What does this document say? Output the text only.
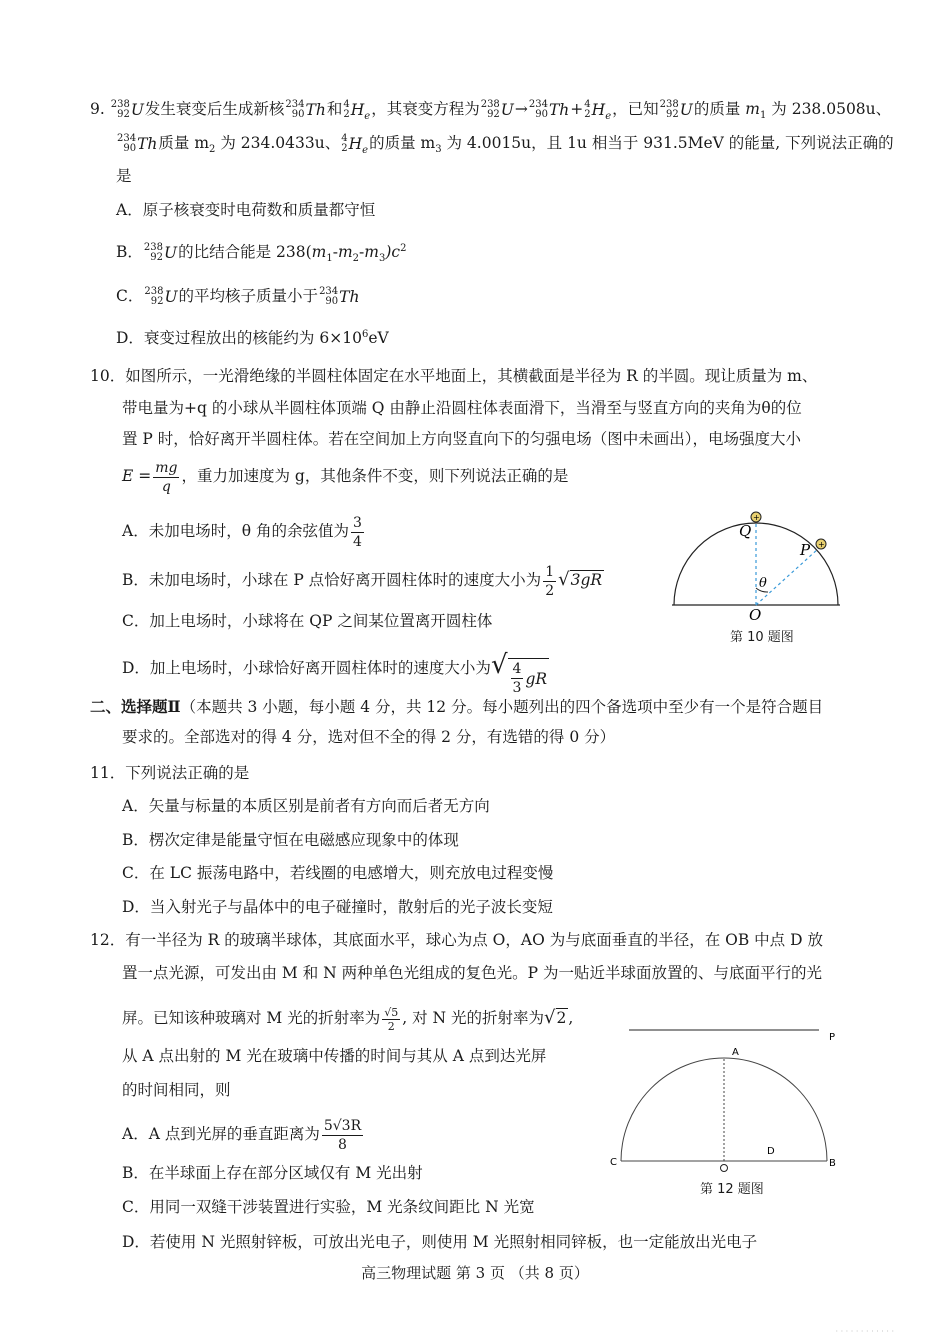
9. 238
92 U 发生衰变后生成新核 234
90 Th 和 4
2 $H_e$ ，其衰变方程为 238
92 U → 234
90 Th + 4
2 $H_e$ ，已知 238
92 U 的质量 $m_1$ 为 238.0508u、
234
90 Th 质量 $m_2$ 为 234.0433u、 4
2 $H_e$ 的质量 $m_3$ 为 4.0015u，且 1u 相当于 931.5MeV 的能量, 下列说法正确的
是
A．原子核衰变时电荷数和质量都守恒
B． 238
92 U 的比结合能是 $238(m_1-m_2-m_3)c^2$
C． 238
92 U 的平均核子质量小于 234
90 Th
D．衰变过程放出的核能约为 $6\times 10^6eV$
10．如图所示，一光滑绝缘的半圆柱体固定在水平地面上，其横截面是半径为 R 的半圆。现让质量为 m、
带电量为+q 的小球从半圆柱体顶端 Q 由静止沿圆柱体表面滑下，当滑至与竖直方向的夹角为θ的位
置 P 时，恰好离开半圆柱体。若在空间加上方向竖直向下的匀强电场（图中未画出），电场强度大小
$E = \frac{mg}{q}$ ，重力加速度为 g，其他条件不变，则下列说法正确的是
A．未加电场时，θ 角的余弦值为 $\frac{3}{4}$
B．未加电场时，小球在 P 点恰好离开圆柱体时的速度大小为 $\frac{1}{2} √3gR$
C．加上电场时，小球将在 QP 之间某位置离开圆柱体
D．加上电场时，小球恰好离开圆柱体时的速度大小为√ $\frac{4}{3}$ gR
+
+
Q
P
θ
O
第 10 题图
二、选择题Ⅱ（本题共 3 小题，每小题 4 分，共 12 分。每小题列出的四个备选项中至少有一个是符合题目
要求的。全部选对的得 4 分，选对但不全的得 2 分，有选错的得 0 分）
11．下列说法正确的是
A．矢量与标量的本质区别是前者有方向而后者无方向
B．楞次定律是能量守恒在电磁感应现象中的体现
C．在 LC 振荡电路中，若线圈的电感增大，则充放电过程变慢
D．当入射光子与晶体中的电子碰撞时，散射后的光子波长变短
12．有一半径为 R 的玻璃半球体，其底面水平，球心为点 O，AO 为与底面垂直的半径，在 OB 中点 D 放
置一点光源，可发出由 M 和 N 两种单色光组成的复色光。P 为一贴近半球面放置的、与底面平行的光
屏。已知该种玻璃对 M 光的折射率为 $\frac{√5}{2}$ , 对 N 光的折射率为√2 ,
从 A 点出射的 M 光在玻璃中传播的时间与其从 A 点到达光屏
的时间相同，则
A．A 点到光屏的垂直距离为 $\frac{5√3R}{8}$
B．在半球面上存在部分区域仅有 M 光出射
C．用同一双缝干涉装置进行实验，M 光条纹间距比 N 光宽
D．若使用 N 光照射锌板，可放出光电子，则使用 M 光照射相同锌板，也一定能放出光电子
P
A
C
D
B
第 12 题图
高三物理试题 第 3 页 （共 8 页）
· · · · · · · · · · · ·
